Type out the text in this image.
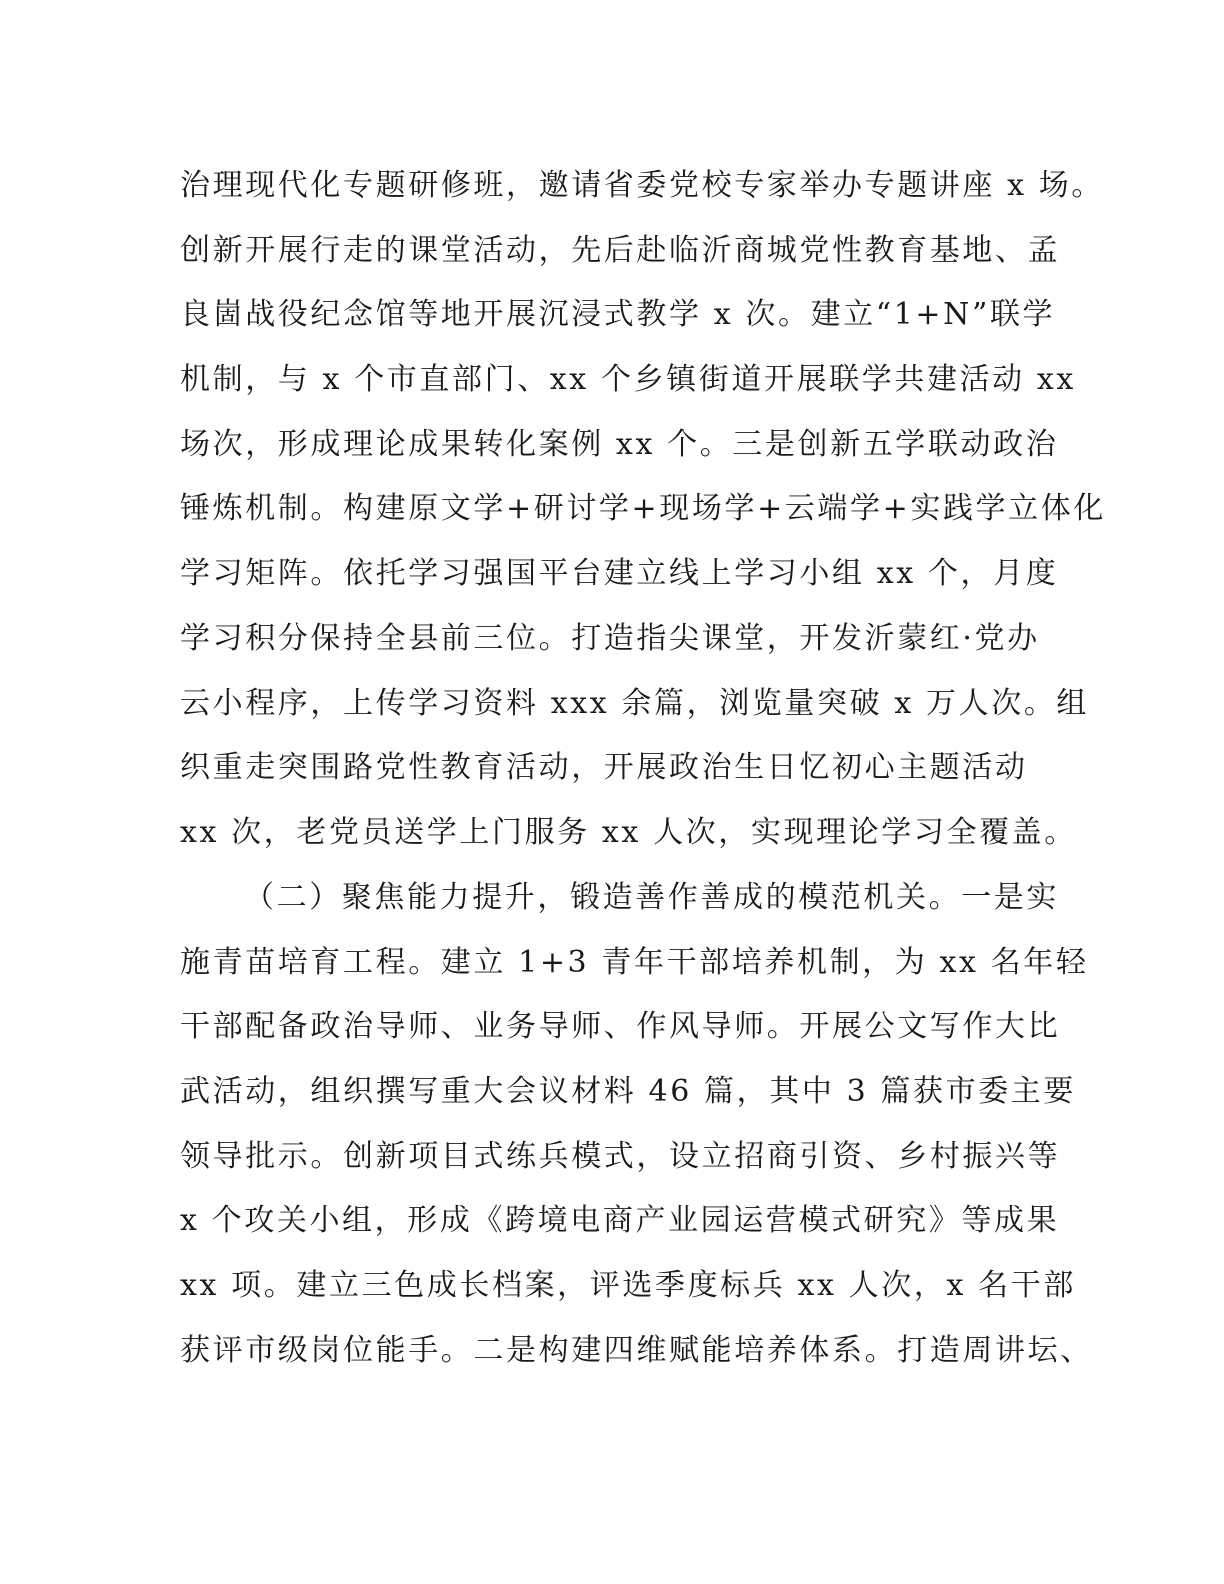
治理现代化专题研修班，邀请省委党校专家举办专题讲座 x 场。
创新开展行走的课堂活动，先后赴临沂商城党性教育基地、孟
良崮战役纪念馆等地开展沉浸式教学 x 次。建立“1+N”联学
机制，与 x 个市直部门、xx 个乡镇街道开展联学共建活动 xx
场次，形成理论成果转化案例 xx 个。三是创新五学联动政治
锤炼机制。构建原文学+研讨学+现场学+云端学+实践学立体化
学习矩阵。依托学习强国平台建立线上学习小组 xx 个，月度
学习积分保持全县前三位。打造指尖课堂，开发沂蒙红·党办
云小程序，上传学习资料 xxx 余篇，浏览量突破 x 万人次。组
织重走突围路党性教育活动，开展政治生日忆初心主题活动
xx 次，老党员送学上门服务 xx 人次，实现理论学习全覆盖。
（二）聚焦能力提升，锻造善作善成的模范机关。一是实
施青苗培育工程。建立 1+3 青年干部培养机制，为 xx 名年轻
干部配备政治导师、业务导师、作风导师。开展公文写作大比
武活动，组织撰写重大会议材料 46 篇，其中 3 篇获市委主要
领导批示。创新项目式练兵模式，设立招商引资、乡村振兴等
x 个攻关小组，形成《跨境电商产业园运营模式研究》等成果
xx 项。建立三色成长档案，评选季度标兵 xx 人次，x 名干部
获评市级岗位能手。二是构建四维赋能培养体系。打造周讲坛、
